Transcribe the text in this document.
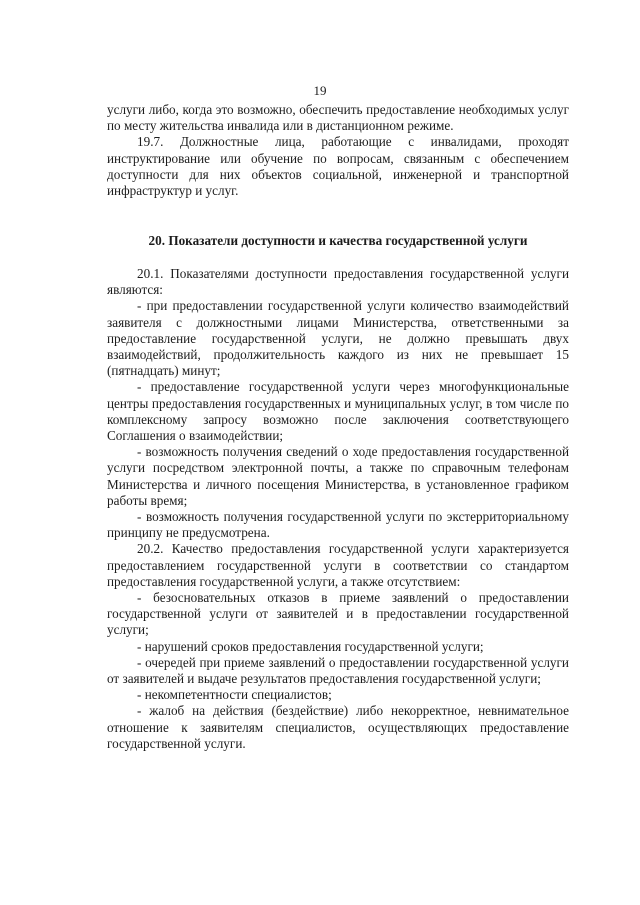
19

услуги либо, когда это возможно, обеспечить предоставление необходимых услуг по месту жительства инвалида или в дистанционном режиме.

19.7. Должностные лица, работающие с инвалидами, проходят инструктирование или обучение по вопросам, связанным с обеспечением доступности для них объектов социальной, инженерной и транспортной инфраструктур и услуг.

20. Показатели доступности и качества государственной услуги

20.1. Показателями доступности предоставления государственной услуги являются:

- при предоставлении государственной услуги количество взаимодействий заявителя с должностными лицами Министерства, ответственными за предоставление государственной услуги, не должно превышать двух взаимодействий, продолжительность каждого из них не превышает 15 (пятнадцать) минут;

- предоставление государственной услуги через многофункциональные центры предоставления государственных и муниципальных услуг, в том числе по комплексному запросу возможно после заключения соответствующего Соглашения о взаимодействии;

- возможность получения сведений о ходе предоставления государственной услуги посредством электронной почты, а также по справочным телефонам Министерства и личного посещения Министерства, в установленное графиком работы время;

- возможность получения государственной услуги по экстерриториальному принципу не предусмотрена.

20.2. Качество предоставления государственной услуги характеризуется предоставлением государственной услуги в соответствии со стандартом предоставления государственной услуги, а также отсутствием:

- безосновательных отказов в приеме заявлений о предоставлении государственной услуги от заявителей и в предоставлении государственной услуги;

- нарушений сроков предоставления государственной услуги;

- очередей при приеме заявлений о предоставлении государственной услуги от заявителей и выдаче результатов предоставления государственной услуги;

- некомпетентности специалистов;

- жалоб на действия (бездействие) либо некорректное, невнимательное отношение к заявителям специалистов, осуществляющих предоставление государственной услуги.
